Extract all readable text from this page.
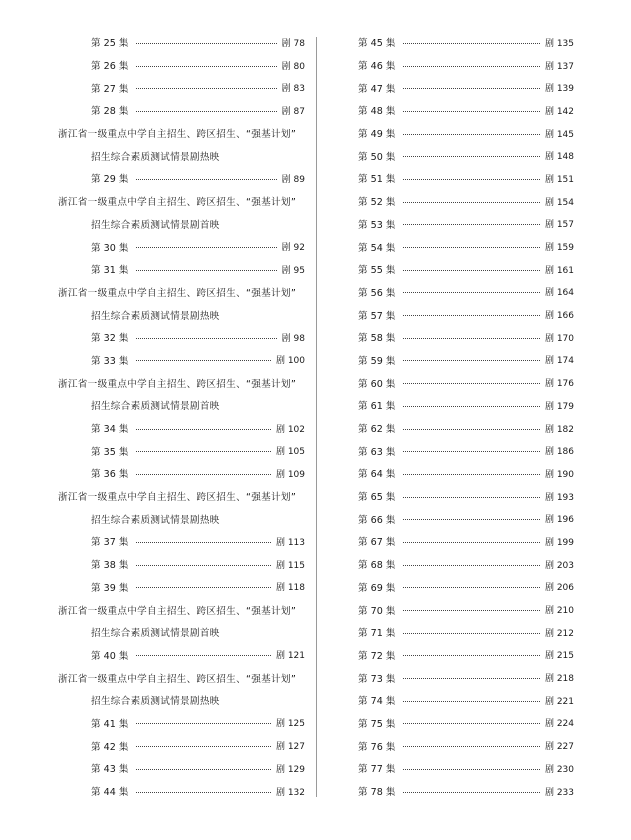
第 25 集	剧 78
第 26 集	剧 80
第 27 集	剧 83
第 28 集	剧 87
浙江省一级重点中学自主招生、跨区招生、“强基计划”
招生综合素质测试情景剧热映
第 29 集	剧 89
浙江省一级重点中学自主招生、跨区招生、“强基计划”
招生综合素质测试情景剧首映
第 30 集	剧 92
第 31 集	剧 95
浙江省一级重点中学自主招生、跨区招生、“强基计划”
招生综合素质测试情景剧热映
第 32 集	剧 98
第 33 集	剧 100
浙江省一级重点中学自主招生、跨区招生、“强基计划”
招生综合素质测试情景剧首映
第 34 集	剧 102
第 35 集	剧 105
第 36 集	剧 109
浙江省一级重点中学自主招生、跨区招生、“强基计划”
招生综合素质测试情景剧热映
第 37 集	剧 113
第 38 集	剧 115
第 39 集	剧 118
浙江省一级重点中学自主招生、跨区招生、“强基计划”
招生综合素质测试情景剧首映
第 40 集	剧 121
浙江省一级重点中学自主招生、跨区招生、“强基计划”
招生综合素质测试情景剧热映
第 41 集	剧 125
第 42 集	剧 127
第 43 集	剧 129
第 44 集	剧 132
第 45 集	剧 135
第 46 集	剧 137
第 47 集	剧 139
第 48 集	剧 142
第 49 集	剧 145
第 50 集	剧 148
第 51 集	剧 151
第 52 集	剧 154
第 53 集	剧 157
第 54 集	剧 159
第 55 集	剧 161
第 56 集	剧 164
第 57 集	剧 166
第 58 集	剧 170
第 59 集	剧 174
第 60 集	剧 176
第 61 集	剧 179
第 62 集	剧 182
第 63 集	剧 186
第 64 集	剧 190
第 65 集	剧 193
第 66 集	剧 196
第 67 集	剧 199
第 68 集	剧 203
第 69 集	剧 206
第 70 集	剧 210
第 71 集	剧 212
第 72 集	剧 215
第 73 集	剧 218
第 74 集	剧 221
第 75 集	剧 224
第 76 集	剧 227
第 77 集	剧 230
第 78 集	剧 233
